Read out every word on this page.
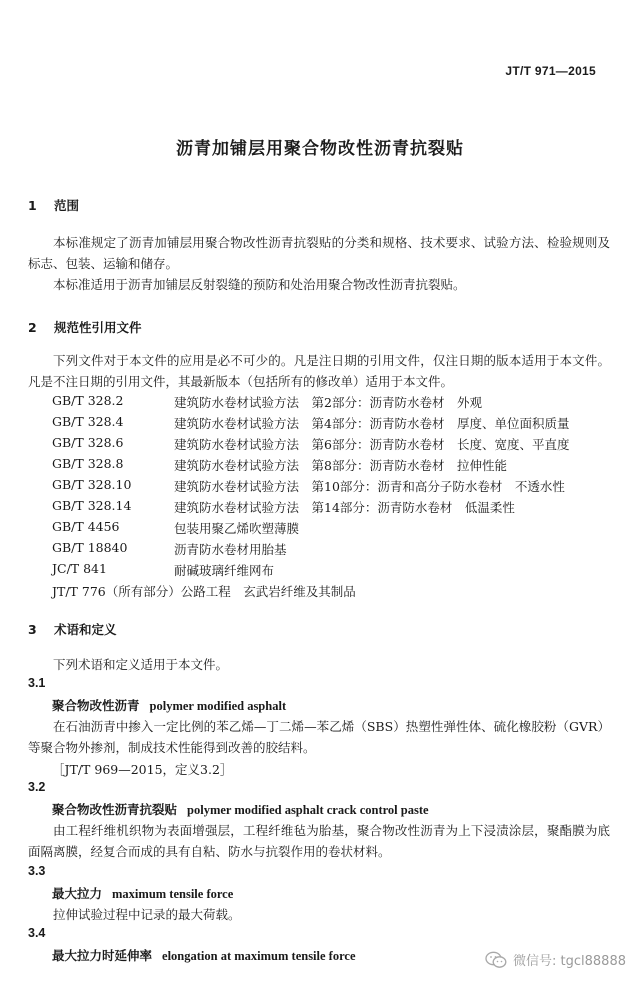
JT/T 971—2015
沥青加铺层用聚合物改性沥青抗裂贴
1 范围
本标准规定了沥青加铺层用聚合物改性沥青抗裂贴的分类和规格、技术要求、试验方法、检验规则及标志、包装、运输和储存。
本标准适用于沥青加铺层反射裂缝的预防和处治用聚合物改性沥青抗裂贴。
2 规范性引用文件
下列文件对于本文件的应用是必不可少的。凡是注日期的引用文件，仅注日期的版本适用于本文件。凡是不注日期的引用文件，其最新版本（包括所有的修改单）适用于本文件。
GB/T 328.2	建筑防水卷材试验方法　第2部分：沥青防水卷材　外观
GB/T 328.4	建筑防水卷材试验方法　第4部分：沥青防水卷材　厚度、单位面积质量
GB/T 328.6	建筑防水卷材试验方法　第6部分：沥青防水卷材　长度、宽度、平直度
GB/T 328.8	建筑防水卷材试验方法　第8部分：沥青防水卷材　拉伸性能
GB/T 328.10	建筑防水卷材试验方法　第10部分：沥青和高分子防水卷材　不透水性
GB/T 328.14	建筑防水卷材试验方法　第14部分：沥青防水卷材　低温柔性
GB/T 4456	包装用聚乙烯吹塑薄膜
GB/T 18840	沥青防水卷材用胎基
JC/T 841	耐碱玻璃纤维网布
JT/T 776（所有部分）公路工程　玄武岩纤维及其制品
3 术语和定义
下列术语和定义适用于本文件。
3.1
聚合物改性沥青 polymer modified asphalt
在石油沥青中掺入一定比例的苯乙烯—丁二烯—苯乙烯（SBS）热塑性弹性体、硫化橡胶粉（GVR）等聚合物外掺剂，制成技术性能得到改善的胶结料。
［JT/T 969—2015，定义3.2］
3.2
聚合物改性沥青抗裂贴 polymer modified asphalt crack control paste
由工程纤维机织物为表面增强层，工程纤维毡为胎基，聚合物改性沥青为上下浸渍涂层，聚酯膜为底面隔离膜，经复合而成的具有自粘、防水与抗裂作用的卷状材料。
3.3
最大拉力 maximum tensile force
拉伸试验过程中记录的最大荷载。
3.4
最大拉力时延伸率 elongation at maximum tensile force	微信号: tgcl88888
